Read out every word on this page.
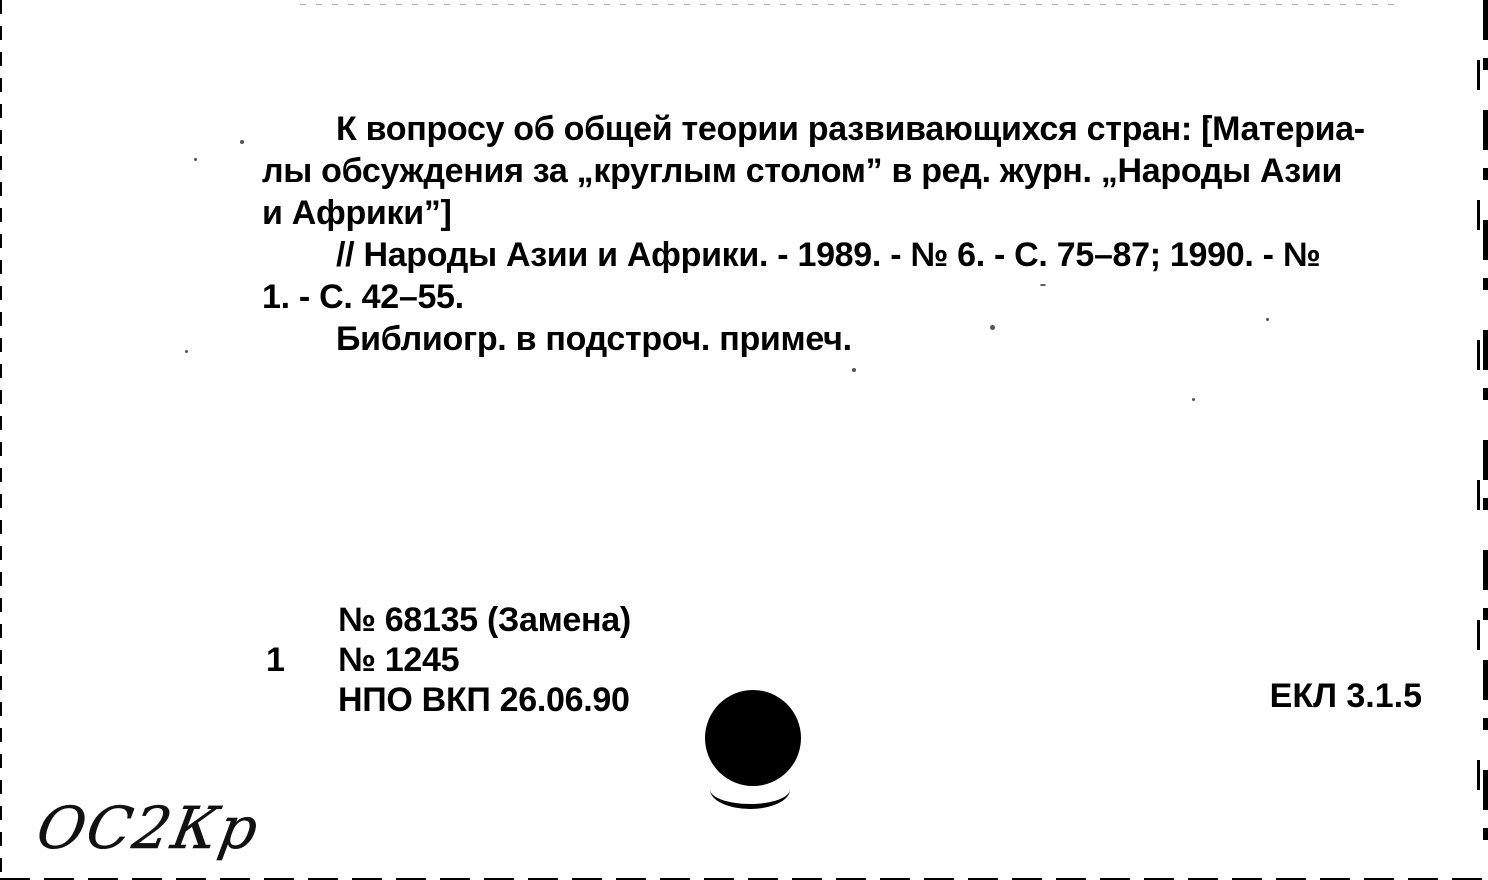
К вопросу об общей теории развивающихся стран: [Материа-
лы обсуждения за „круглым столом” в ред. журн. „Народы Азии
и Африки”]
// Народы Азии и Африки. - 1989. - № 6. - С. 75–87; 1990. - №
1. - С. 42–55.
Библиогр. в подстроч. примеч.
1
№ 68135 (Замена)
№ 1245
НПО ВКП 26.06.90	ЕКЛ 3.1.5
ОС2Кр
